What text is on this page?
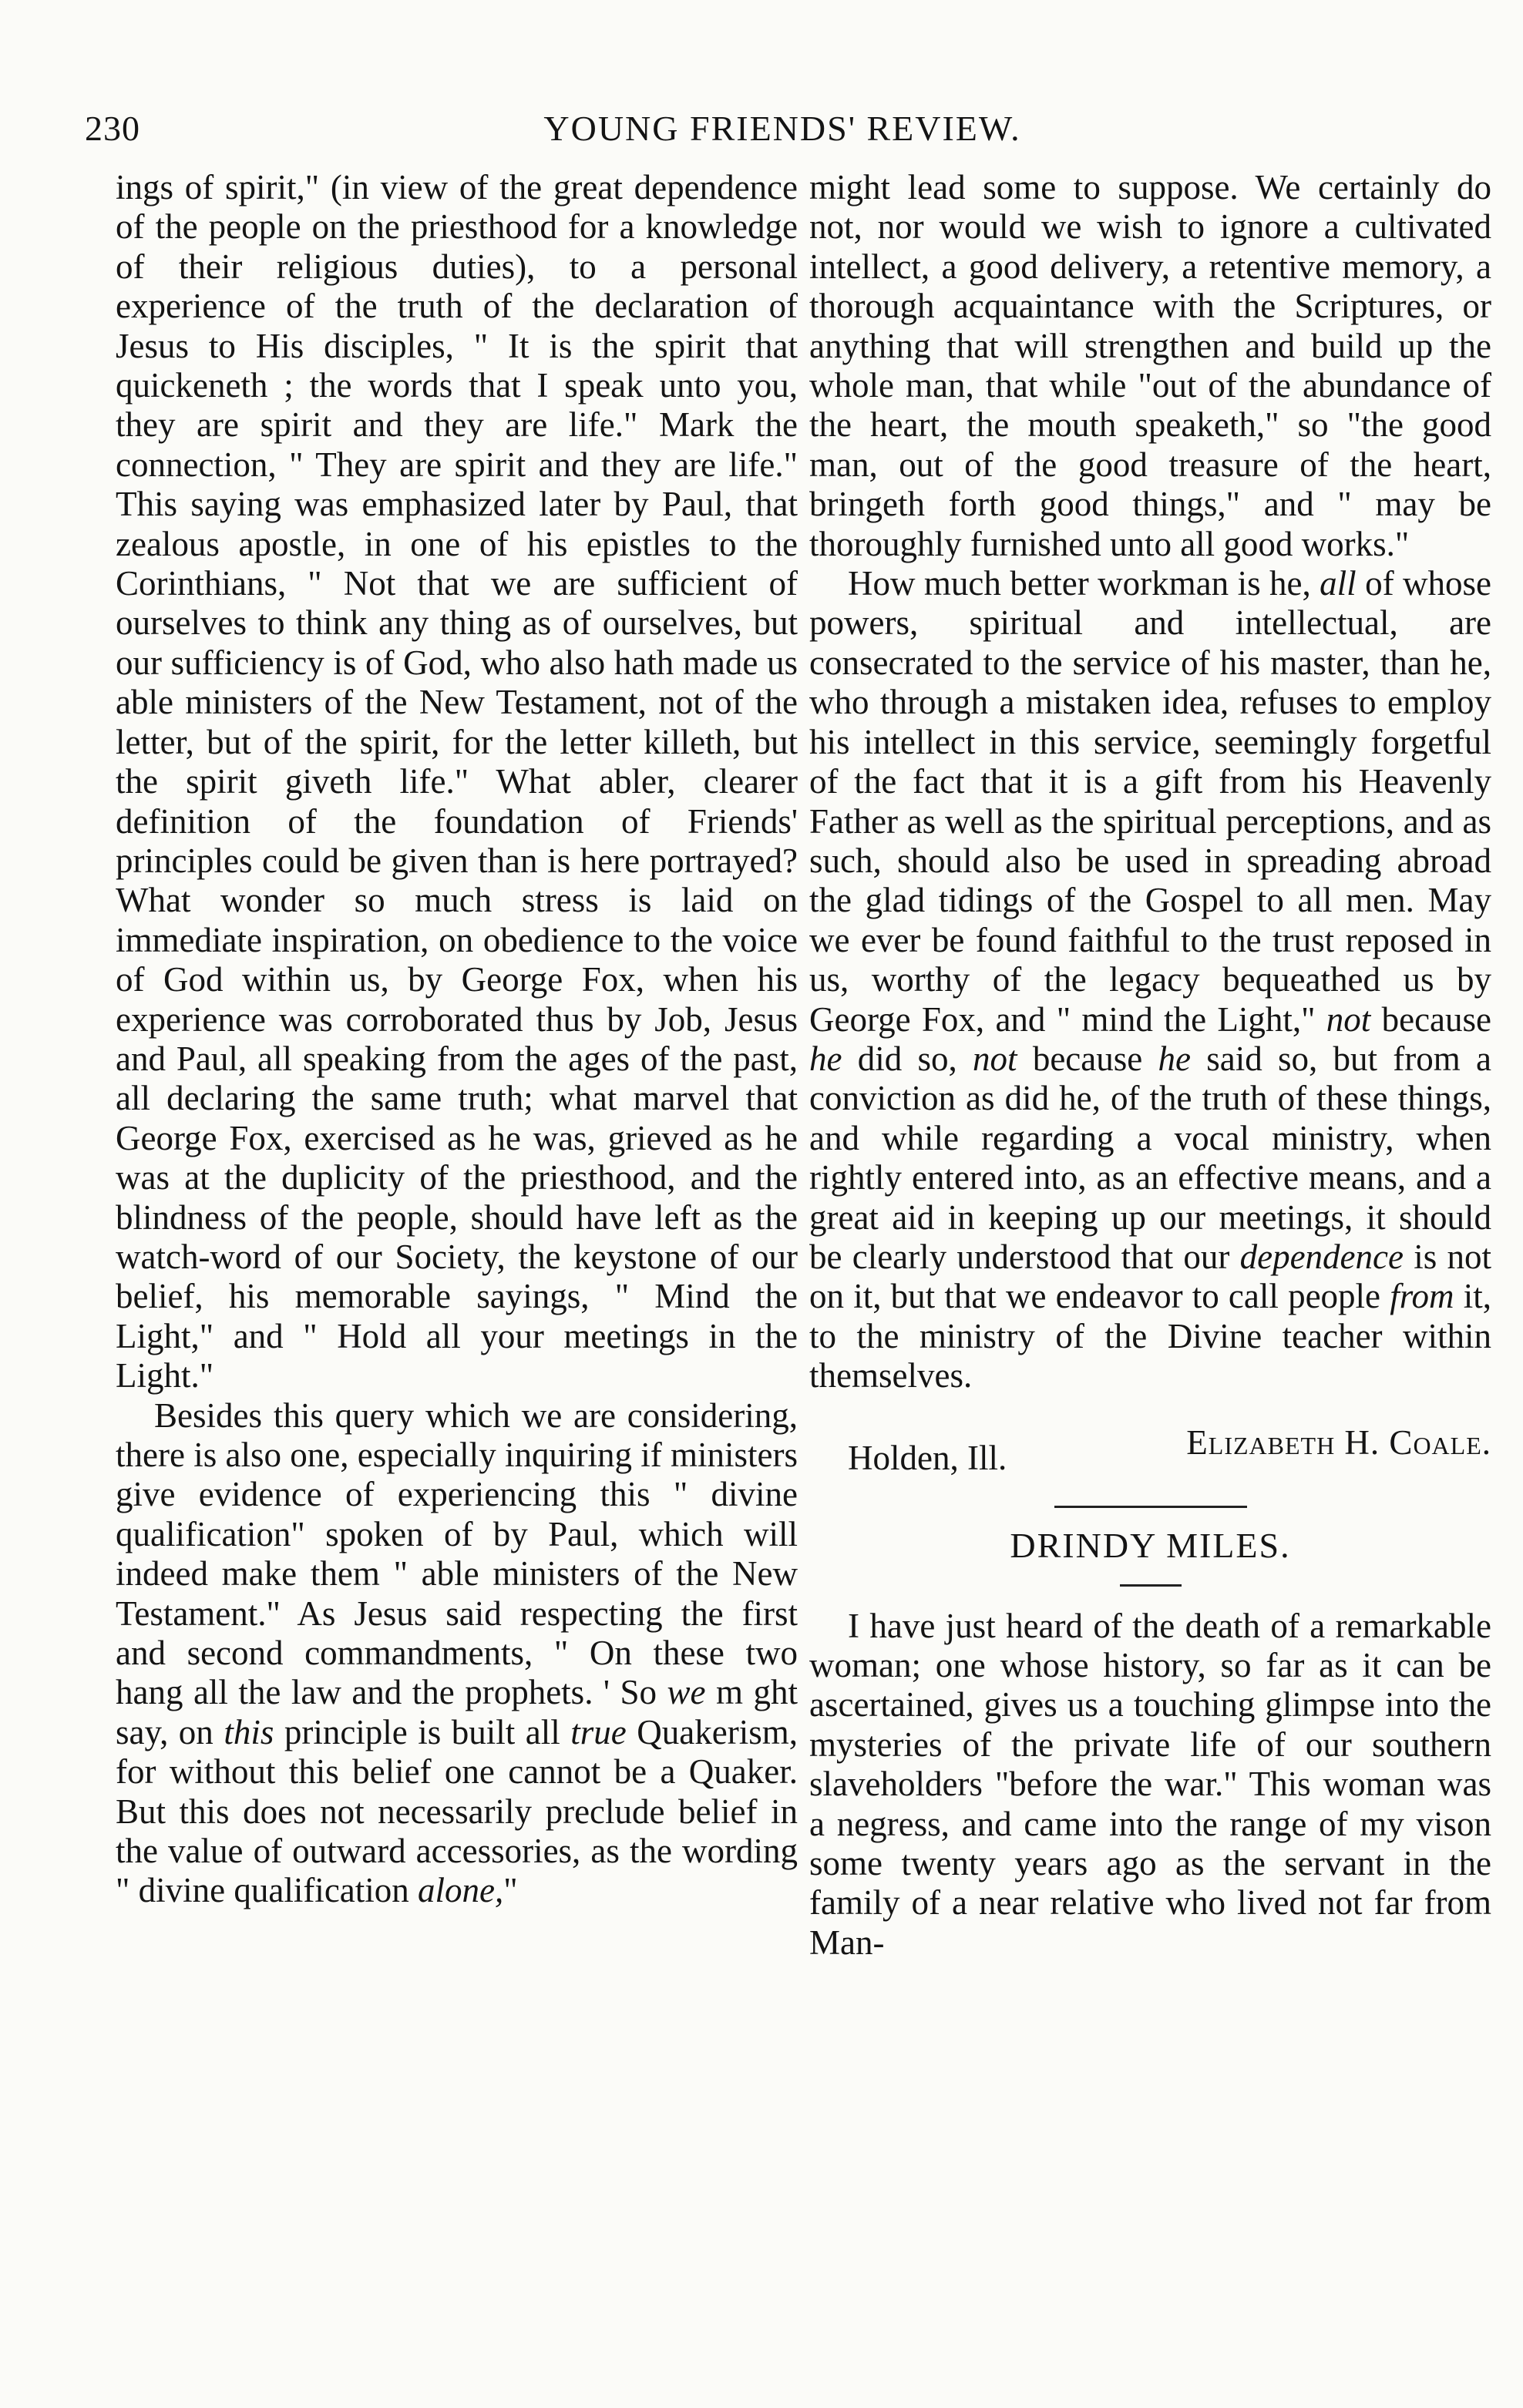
230	YOUNG FRIENDS' REVIEW.

ings of spirit," (in view of the great dependence of the people on the priesthood for a knowledge of their religious duties), to a personal experience of the truth of the declaration of Jesus to His disciples, " It is the spirit that quickeneth ; the words that I speak unto you, they are spirit and they are life." Mark the connection, " They are spirit and they are life." This saying was emphasized later by Paul, that zealous apostle, in one of his epistles to the Corinthians, " Not that we are sufficient of ourselves to think any thing as of ourselves, but our sufficiency is of God, who also hath made us able ministers of the New Testament, not of the letter, but of the spirit, for the letter killeth, but the spirit giveth life." What abler, clearer definition of the foundation of Friends' principles could be given than is here portrayed? What wonder so much stress is laid on immediate inspiration, on obedience to the voice of God within us, by George Fox, when his experience was corroborated thus by Job, Jesus and Paul, all speaking from the ages of the past, all declaring the same truth; what marvel that George Fox, exercised as he was, grieved as he was at the duplicity of the priesthood, and the blindness of the people, should have left as the watch-word of our Society, the keystone of our belief, his memorable sayings, " Mind the Light," and " Hold all your meetings in the Light."

Besides this query which we are considering, there is also one, especially inquiring if ministers give evidence of experiencing this " divine qualification" spoken of by Paul, which will indeed make them " able ministers of the New Testament." As Jesus said respecting the first and second commandments, " On these two hang all the law and the prophets. ' So we m ght say, on this principle is built all true Quakerism, for without this belief one cannot be a Quaker. But this does not necessarily preclude belief in the value of outward accessories, as the wording " divine qualification alone,"

might lead some to suppose. We certainly do not, nor would we wish to ignore a cultivated intellect, a good delivery, a retentive memory, a thorough acquaintance with the Scriptures, or anything that will strengthen and build up the whole man, that while "out of the abundance of the heart, the mouth speaketh," so "the good man, out of the good treasure of the heart, bringeth forth good things," and " may be thoroughly furnished unto all good works."

How much better workman is he, all of whose powers, spiritual and intellectual, are consecrated to the service of his master, than he, who through a mistaken idea, refuses to employ his intellect in this service, seemingly forgetful of the fact that it is a gift from his Heavenly Father as well as the spiritual perceptions, and as such, should also be used in spreading abroad the glad tidings of the Gospel to all men. May we ever be found faithful to the trust reposed in us, worthy of the legacy bequeathed us by George Fox, and " mind the Light," not because he did so, not because he said so, but from a conviction as did he, of the truth of these things, and while regarding a vocal ministry, when rightly entered into, as an effective means, and a great aid in keeping up our meetings, it should be clearly understood that our dependence is not on it, but that we endeavor to call people from it, to the ministry of the Divine teacher within themselves.

Holden, Ill.	Elizabeth H. Coale.
DRINDY MILES.

I have just heard of the death of a remarkable woman; one whose history, so far as it can be ascertained, gives us a touching glimpse into the mysteries of the private life of our southern slaveholders "before the war." This woman was a negress, and came into the range of my vison some twenty years ago as the servant in the family of a near relative who lived not far from Man-
